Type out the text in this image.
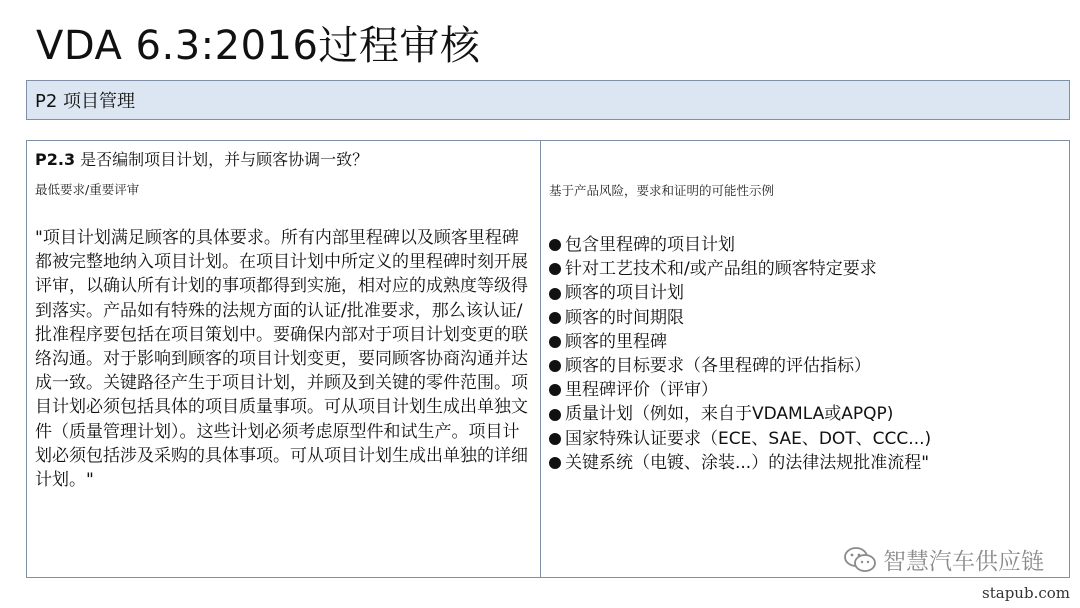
VDA 6.3:2016过程审核
P2 项目管理
P2.3 是否编制项目计划，并与顾客协调一致？
最低要求/重要评审
"项目计划满足顾客的具体要求。所有内部里程碑以及顾客里程碑都被完整地纳入项目计划。在项目计划中所定义的里程碑时刻开展评审，以确认所有计划的事项都得到实施，相对应的成熟度等级得到落实。产品如有特殊的法规方面的认证/批准要求，那么该认证/批准程序要包括在项目策划中。要确保内部对于项目计划变更的联络沟通。对于影响到顾客的项目计划变更，要同顾客协商沟通并达成一致。关键路径产生于项目计划，并顾及到关键的零件范围。项目计划必须包括具体的项目质量事项。可从项目计划生成出单独文件（质量管理计划）。这些计划必须考虑原型件和试生产。项目计划必须包括涉及采购的具体事项。可从项目计划生成出单独的详细计划。"
基于产品风险，要求和证明的可能性示例
包含里程碑的项目计划
针对工艺技术和/或产品组的顾客特定要求
顾客的项目计划
顾客的时间期限
顾客的里程碑
顾客的目标要求（各里程碑的评估指标）
里程碑评价（评审）
质量计划（例如，来自于VDAMLA或APQP)
国家特殊认证要求（ECE、SAE、DOT、CCC...)
关键系统（电镀、涂装...）的法律法规批准流程"
智慧汽车供应链
stapub.com
